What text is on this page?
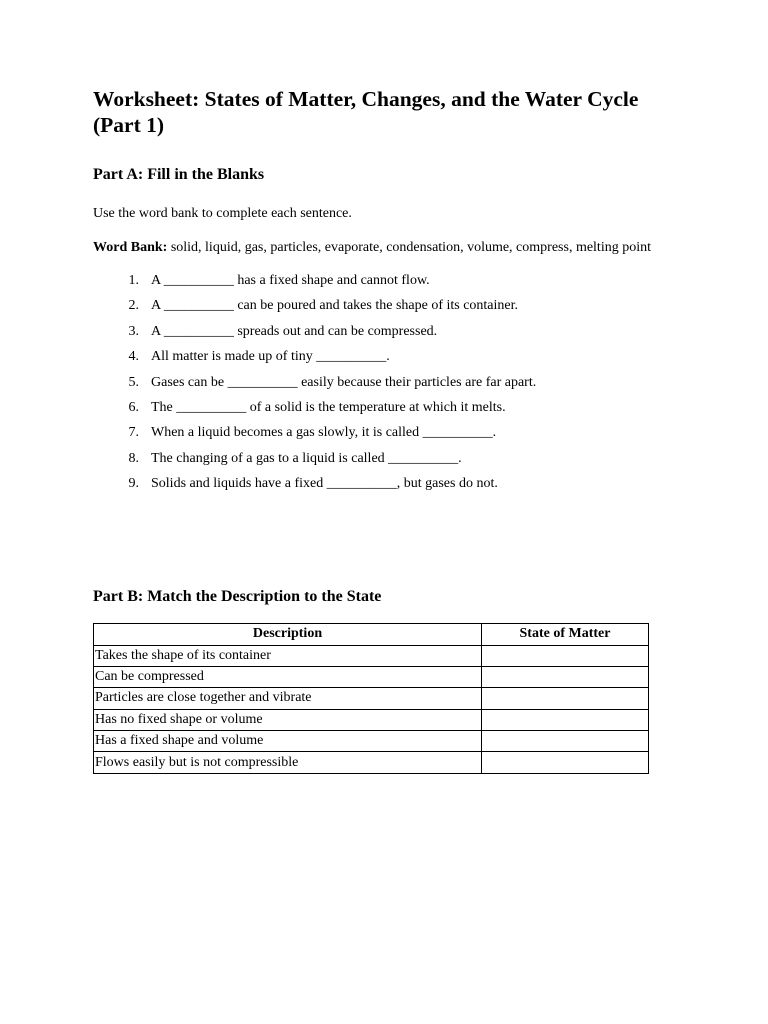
Worksheet: States of Matter, Changes, and the Water Cycle (Part 1)
Part A: Fill in the Blanks

Use the word bank to complete each sentence.

Word Bank: solid, liquid, gas, particles, evaporate, condensation, volume, compress, melting point

1. A __________ has a fixed shape and cannot flow.
2. A __________ can be poured and takes the shape of its container.
3. A __________ spreads out and can be compressed.
4. All matter is made up of tiny __________.
5. Gases can be __________ easily because their particles are far apart.
6. The __________ of a solid is the temperature at which it melts.
7. When a liquid becomes a gas slowly, it is called __________.
8. The changing of a gas to a liquid is called __________.
9. Solids and liquids have a fixed __________, but gases do not.
Part B: Match the Description to the State
Description	State of Matter
Takes the shape of its container	
Can be compressed	
Particles are close together and vibrate	
Has no fixed shape or volume	
Has a fixed shape and volume	
Flows easily but is not compressible	
